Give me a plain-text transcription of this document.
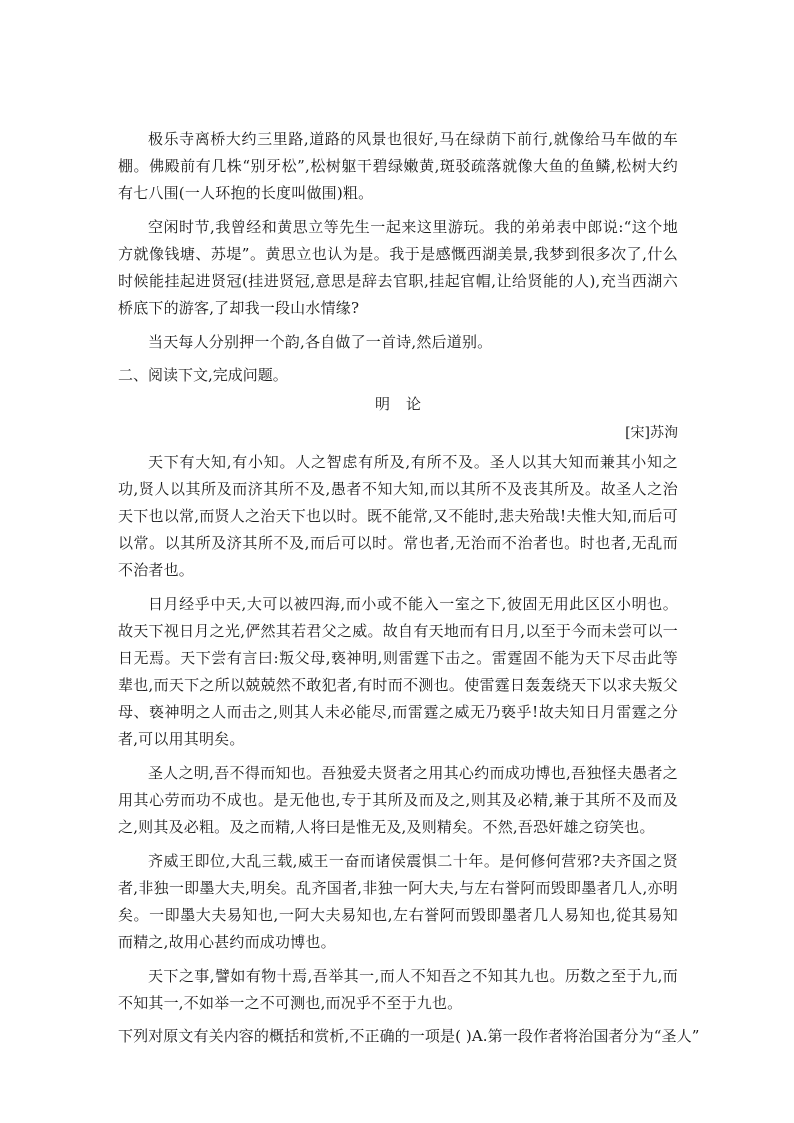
极乐寺离桥大约三里路,道路的风景也很好,马在绿荫下前行,就像给马车做的车棚。佛殿前有几株“别牙松”,松树躯干碧绿嫩黄,斑驳疏落就像大鱼的鱼鳞,松树大约有七八围(一人环抱的长度叫做围)粗。

空闲时节,我曾经和黄思立等先生一起来这里游玩。我的弟弟表中郎说:“这个地方就像钱塘、苏堤”。黄思立也认为是。我于是感慨西湖美景,我梦到很多次了,什么时候能挂起进贤冠(挂进贤冠,意思是辞去官职,挂起官帽,让给贤能的人),充当西湖六桥底下的游客,了却我一段山水情缘?

当天每人分别押一个韵,各自做了一首诗,然后道别。

二、阅读下文,完成问题。

明论

[宋]苏洵

天下有大知,有小知。人之智虑有所及,有所不及。圣人以其大知而兼其小知之功,贤人以其所及而济其所不及,愚者不知大知,而以其所不及丧其所及。故圣人之治天下也以常,而贤人之治天下也以时。既不能常,又不能时,悲夫殆哉!夫惟大知,而后可以常。以其所及济其所不及,而后可以时。常也者,无治而不治者也。时也者,无乱而不治者也。

日月经乎中天,大可以被四海,而小或不能入一室之下,彼固无用此区区小明也。故天下视日月之光,俨然其若君父之威。故自有天地而有日月,以至于今而未尝可以一日无焉。天下尝有言曰:叛父母,亵神明,则雷霆下击之。雷霆固不能为天下尽击此等辈也,而天下之所以兢兢然不敢犯者,有时而不测也。使雷霆日轰轰绕天下以求夫叛父母、亵神明之人而击之,则其人未必能尽,而雷霆之威无乃亵乎!故夫知日月雷霆之分者,可以用其明矣。

圣人之明,吾不得而知也。吾独爱夫贤者之用其心约而成功博也,吾独怪夫愚者之用其心劳而功不成也。是无他也,专于其所及而及之,则其及必精,兼于其所不及而及之,则其及必粗。及之而精,人将曰是惟无及,及则精矣。不然,吾恐奸雄之窃笑也。

齐威王即位,大乱三载,威王一奋而诸侯震惧二十年。是何修何营邪?夫齐国之贤者,非独一即墨大夫,明矣。乱齐国者,非独一阿大夫,与左右誉阿而毁即墨者几人,亦明矣。一即墨大夫易知也,一阿大夫易知也,左右誉阿而毁即墨者几人易知也,從其易知而精之,故用心甚约而成功博也。

天下之事,譬如有物十焉,吾举其一,而人不知吾之不知其九也。历数之至于九,而不知其一,不如举一之不可测也,而况乎不至于九也。

下列对原文有关内容的概括和赏析,不正确的一项是( )A.第一段作者将治国者分为“圣人”
